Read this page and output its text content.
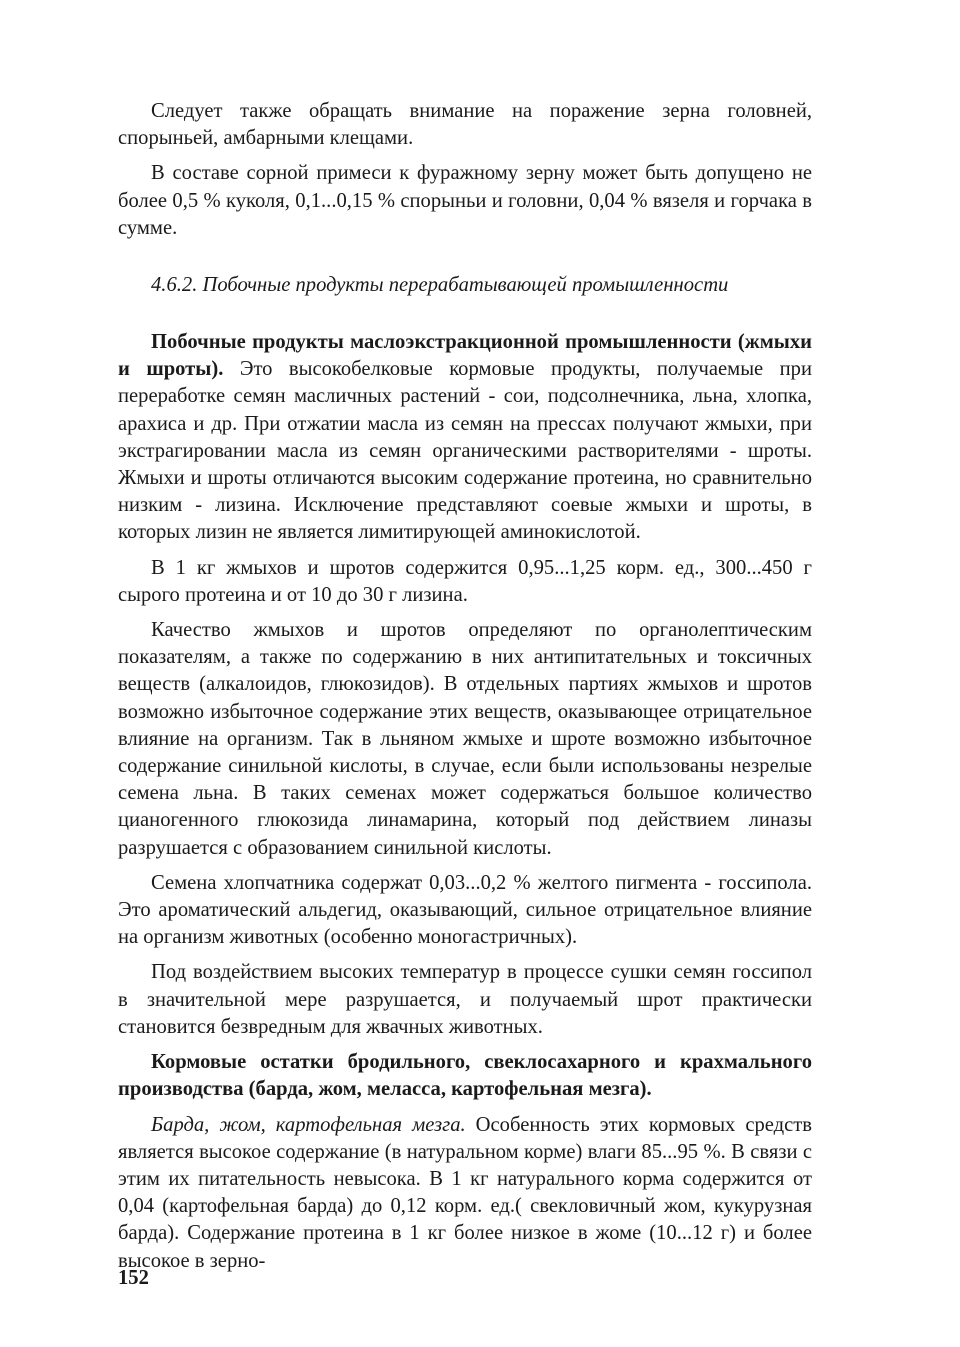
Следует также обращать внимание на поражение зерна головней, спорыньей, амбарными клещами.

В составе сорной примеси к фуражному зерну может быть допущено не более 0,5 % куколя, 0,1...0,15 % спорыньи и головни, 0,04 % вязеля и горчака в сумме.

4.6.2. Побочные продукты перерабатывающей промышленности

Побочные продукты маслоэкстракционной промышленности (жмыхи и шроты). Это высокобелковые кормовые продукты, получаемые при переработке семян масличных растений - сои, подсолнечника, льна, хлопка, арахиса и др. При отжатии масла из семян на прессах получают жмыхи, при экстрагировании масла из семян органическими растворителями - шроты. Жмыхи и шроты отличаются высоким содержание протеина, но сравнительно низким - лизина. Исключение представляют соевые жмыхи и шроты, в которых лизин не является лимитирующей аминокислотой.

В 1 кг жмыхов и шротов содержится 0,95...1,25 корм. ед., 300...450 г сырого протеина и от 10 до 30 г лизина.

Качество жмыхов и шротов определяют по органолептическим показателям, а также по содержанию в них антипитательных и токсичных веществ (алкалоидов, глюкозидов). В отдельных партиях жмыхов и шротов возможно избыточное содержание этих веществ, оказывающее отрицательное влияние на организм. Так в льняном жмыхе и шроте возможно избыточное содержание синильной кислоты, в случае, если были использованы незрелые семена льна. В таких семенах может содержаться большое количество цианогенного глюкозида линамарина, который под действием линазы разрушается с образованием синильной кислоты.

Семена хлопчатника содержат 0,03...0,2 % желтого пигмента - госсипола. Это ароматический альдегид, оказывающий, сильное отрицательное влияние на организм животных (особенно моногастричных).

Под воздействием высоких температур в процессе сушки семян госсипол в значительной мере разрушается, и получаемый шрот практически становится безвредным для жвачных животных.

Кормовые остатки бродильного, свеклосахарного и крахмального производства (барда, жом, меласса, картофельная мезга).

Барда, жом, картофельная мезга. Особенность этих кормовых средств является высокое содержание (в натуральном корме) влаги 85...95 %. В связи с этим их питательность невысока. В 1 кг натурального корма содержится от 0,04 (картофельная барда) до 0,12 корм. ед.( свекловичный жом, кукурузная барда). Содержание протеина в 1 кг более низкое в жоме (10...12 г) и более высокое в зерно-

152
